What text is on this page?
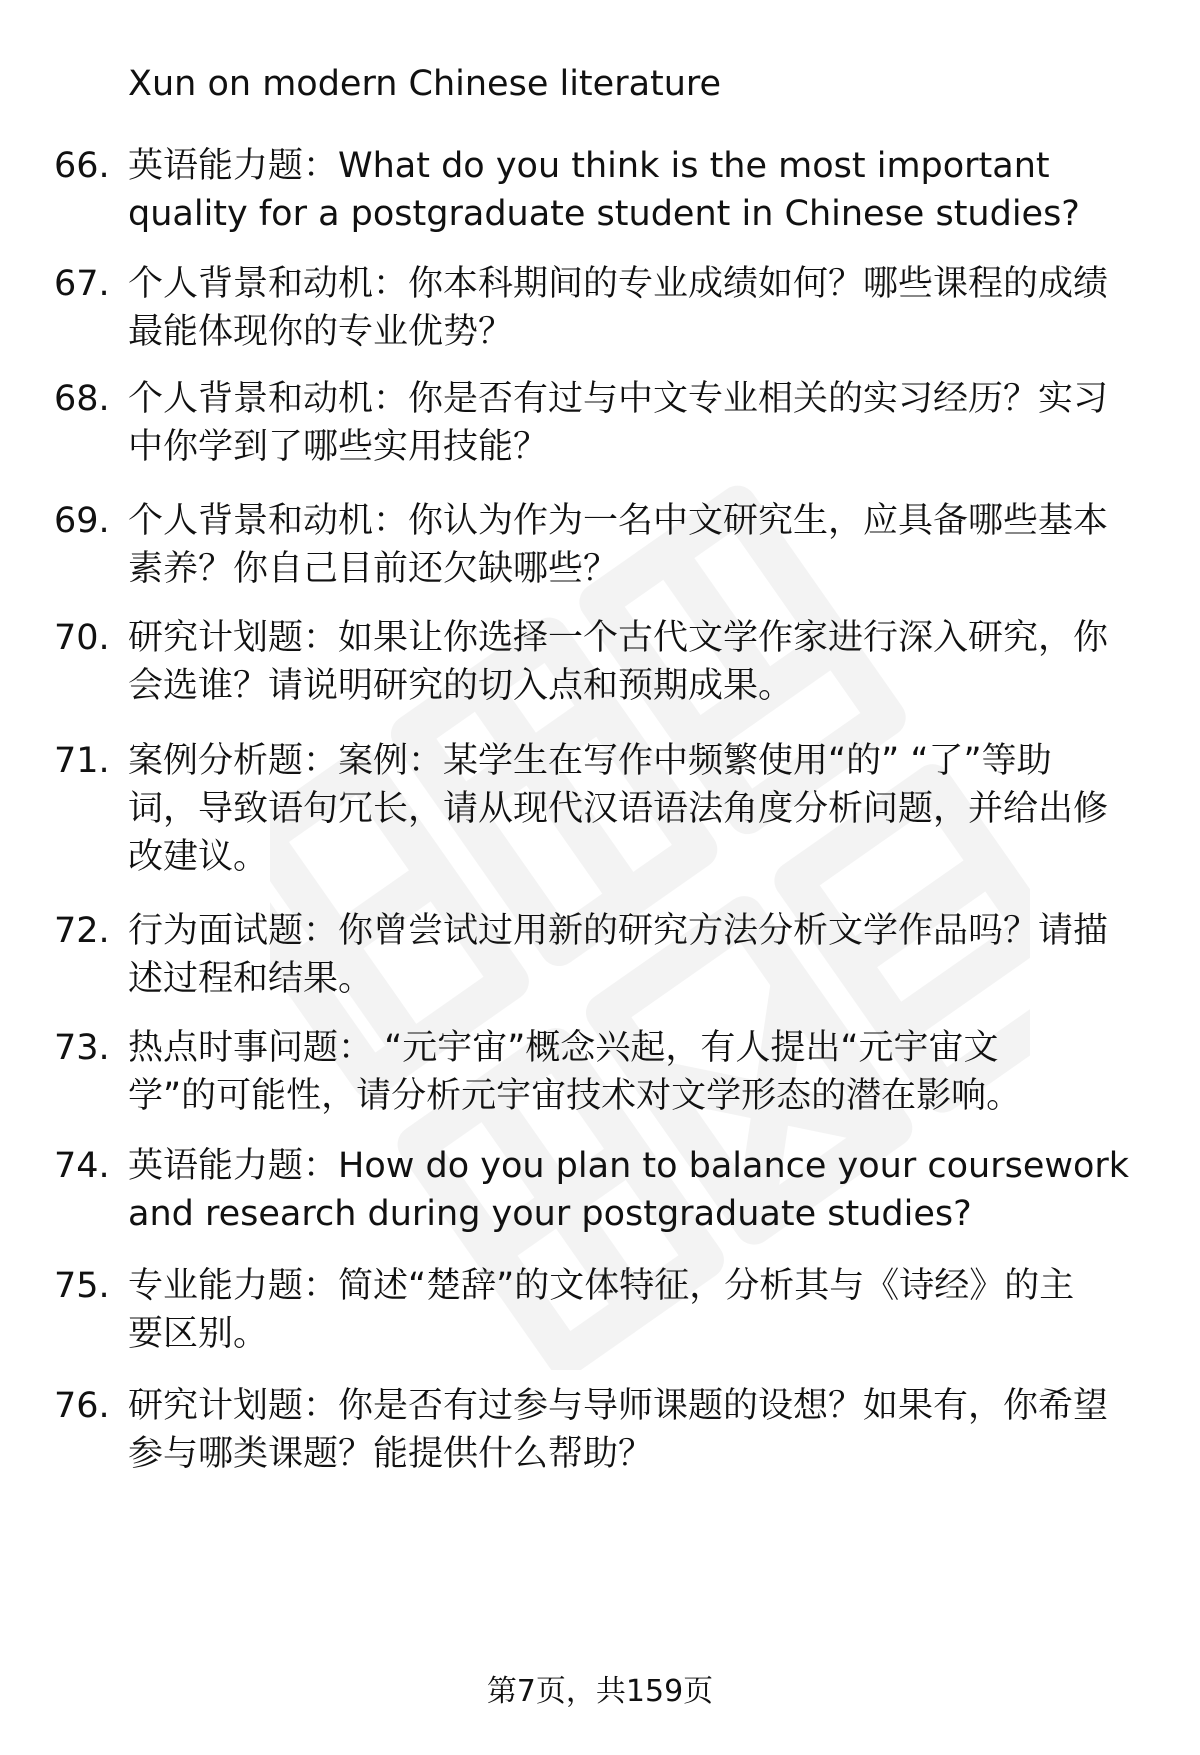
Xun on modern Chinese literature
66. 英语能力题：What do you think is the most important
quality for a postgraduate student in Chinese studies?
67. 个人背景和动机：你本科期间的专业成绩如何？哪些课程的成绩
最能体现你的专业优势？
68. 个人背景和动机：你是否有过与中文专业相关的实习经历？实习
中你学到了哪些实用技能？
69. 个人背景和动机：你认为作为一名中文研究生，应具备哪些基本
素养？你自己目前还欠缺哪些？
70. 研究计划题：如果让你选择一个古代文学作家进行深入研究，你
会选谁？请说明研究的切入点和预期成果。
71. 案例分析题：案例：某学生在写作中频繁使用“的” “了”等助
词，导致语句冗长，请从现代汉语语法角度分析问题，并给出修
改建议。
72. 行为面试题：你曾尝试过用新的研究方法分析文学作品吗？请描
述过程和结果。
73. 热点时事问题： “元宇宙”概念兴起，有人提出“元宇宙文
学”的可能性，请分析元宇宙技术对文学形态的潜在影响。
74. 英语能力题：How do you plan to balance your coursework
and research during your postgraduate studies?
75. 专业能力题：简述“楚辞”的文体特征，分析其与《诗经》的主
要区别。
76. 研究计划题：你是否有过参与导师课题的设想？如果有，你希望
参与哪类课题？能提供什么帮助？
第7页，共159页
